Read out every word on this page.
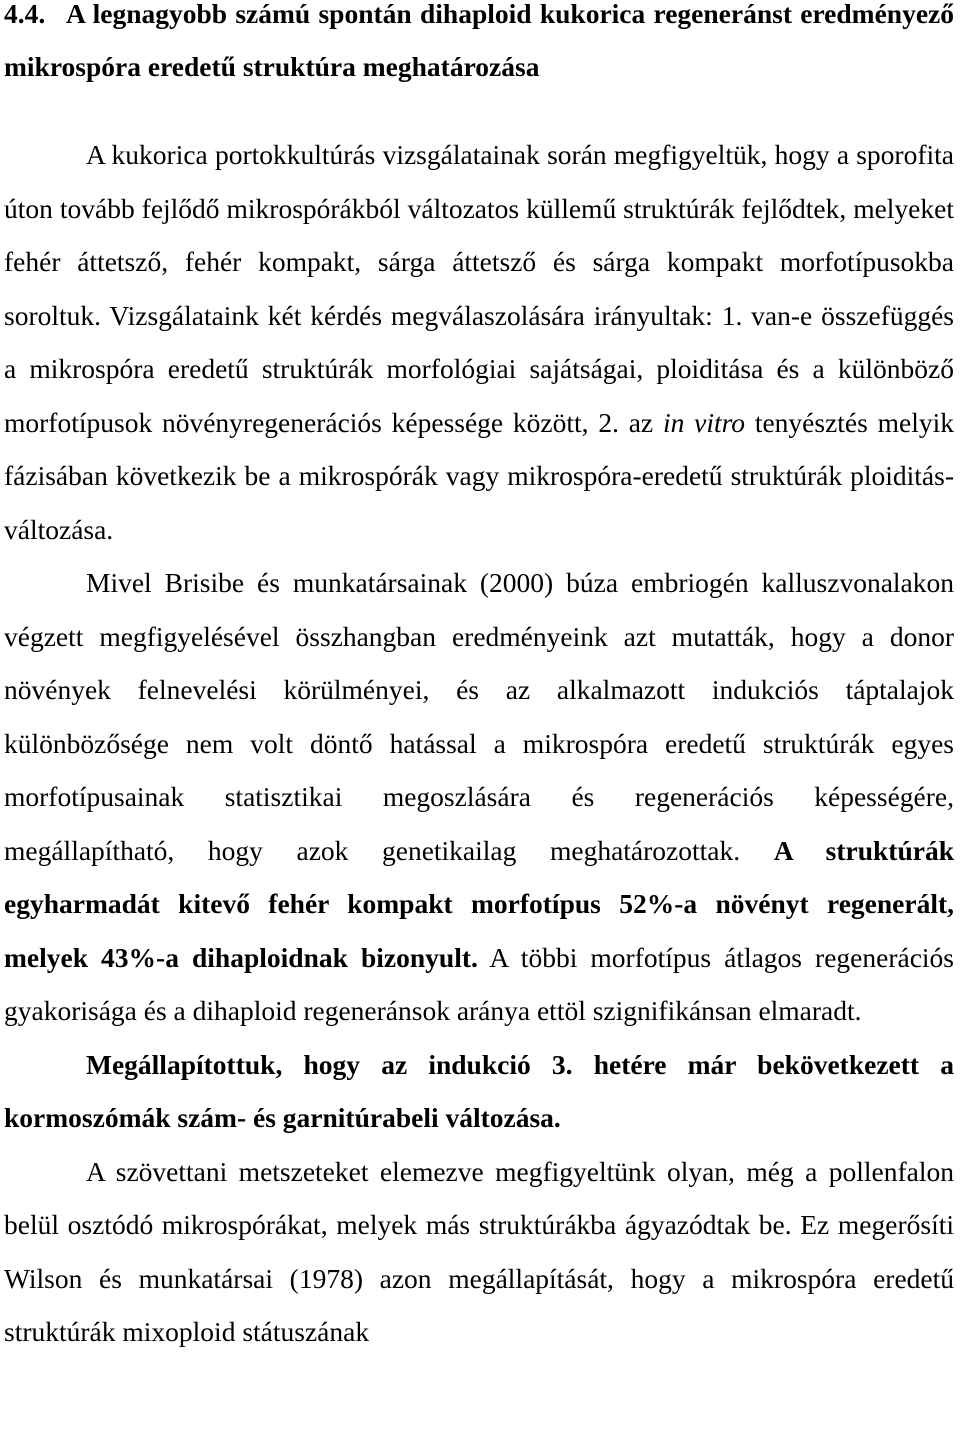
4.4. A legnagyobb számú spontán dihaploid kukorica regeneránst eredményező mikrospóra eredetű struktúra meghatározása

A kukorica portokkultúrás vizsgálatainak során megfigyeltük, hogy a sporofita úton tovább fejlődő mikrospórákból változatos küllemű struktúrák fejlődtek, melyeket fehér áttetsző, fehér kompakt, sárga áttetsző és sárga kompakt morfotípusokba soroltuk. Vizsgálataink két kérdés megválaszolására irányultak: 1. van-e összefüggés a mikrospóra eredetű struktúrák morfológiai sajátságai, ploiditása és a különböző morfotípusok növényregenerációs képessége között, 2. az in vitro tenyésztés melyik fázisában következik be a mikrospórák vagy mikrospóra-eredetű struktúrák ploiditás-változása.

Mivel Brisibe és munkatársainak (2000) búza embriogén kalluszvonalakon végzett megfigyelésével összhangban eredményeink azt mutatták, hogy a donor növények felnevelési körülményei, és az alkalmazott indukciós táptalajok különbözősége nem volt döntő hatással a mikrospóra eredetű struktúrák egyes morfotípusainak statisztikai megoszlására és regenerációs képességére, megállapítható, hogy azok genetikailag meghatározottak. A struktúrák egyharmadát kitevő fehér kompakt morfotípus 52%-a növényt regenerált, melyek 43%-a dihaploidnak bizonyult. A többi morfotípus átlagos regenerációs gyakorisága és a dihaploid regeneránsok aránya ettöl szignifikánsan elmaradt.

Megállapítottuk, hogy az indukció 3. hetére már bekövetkezett a kormoszómák szám- és garnitúrabeli változása.

A szövettani metszeteket elemezve megfigyeltünk olyan, még a pollenfalon belül osztódó mikrospórákat, melyek más struktúrákba ágyazódtak be. Ez megerősíti Wilson és munkatársai (1978) azon megállapítását, hogy a mikrospóra eredetű struktúrák mixoploid státuszának
